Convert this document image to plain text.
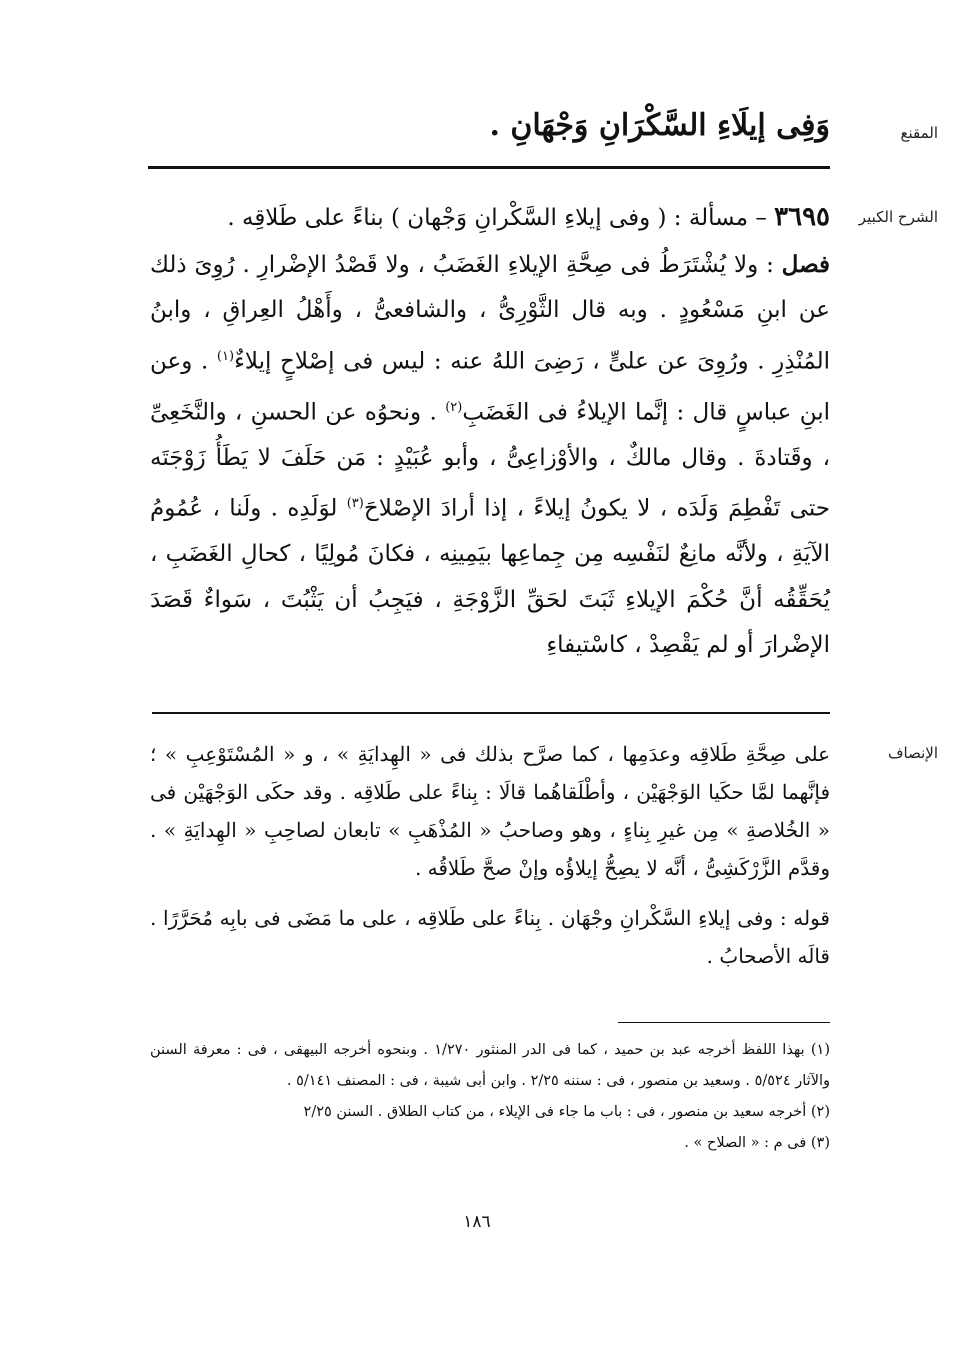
المقنع
وَفِى إيلَاءِ السَّكْرَانِ وَجْهَانِ .
الشرح الكبير

٣٦٩٥ – مسألة : ( وفى إيلاءِ السَّكْرانِ وَجْهان ) بناءً على طَلاقِه .

فصل : ولا يُشْتَرَطُ فى صِحَّةِ الإيلاءِ الغَضَبُ ، ولا قَصْدُ الإضْرارِ . رُوِىَ ذلك عن ابنِ مَسْعُودٍ . وبه قال الثَّوْرِىُّ ، والشافعىُّ ، وأَهْلُ العِراقِ ، وابنُ المُنْذِرِ . ورُوِىَ عن علىٍّ ، رَضِىَ اللهُ عنه : ليس فى إصْلاحٍ إيلاءٌ$^{(١)}$ . وعن ابنِ عباسٍ قال : إنَّما الإيلاءُ فى الغَضَبِ$^{(٢)}$ . ونحوُه عن الحسنِ ، والنَّخَعِىِّ ، وقَتادةَ . وقال مالكٌ ، والأوْزاعِىُّ ، وأبو عُبَيْدٍ : مَن حَلَفَ لا يَطَأُ زَوْجَتَه حتى تَفْطِمَ وَلَدَه ، لا يكونُ إيلاءً ، إذا أرادَ الإصْلاحَ$^{(٣)}$ لوَلَدِه . ولَنا ، عُمُومُ الآيَةِ ، ولأنَّه مانِعٌ لنَفْسِه مِن جِماعِها بيَمِينِه ، فكانَ مُولِيًا ، كحالِ الغَضَبِ ، يُحَقِّقُه أنَّ حُكْمَ الإيلاءِ ثَبَتَ لحَقِّ الزَّوْجَةِ ، فيَجِبُ أن يَثْبُتَ ، سَواءٌ قَصَدَ الإضْرارَ أو لم يَقْصِدْ ، كاسْتيفاءِ

الإنصاف

على صِحَّةِ طَلاقِه وعدَمِها ، كما صرَّح بذلك فى « الهِدايَةِ » ، و « المُسْتَوْعِبِ » ؛ فإنَّهما لمَّا حكَيا الوَجْهَيْن ، وأطْلَقاهُما قالَا : بِناءً على طَلاقِه . وقد حكَى الوَجْهَيْن فى « الخُلاصةِ » مِن غيرِ بِناءٍ ، وهو وصاحبُ « المُذْهَبِ » تابعان لصاحِبِ « الهِدايَةِ » . وقدَّم الزَّرْكَشِىُّ ، أنَّه لا يصِحُّ إيلاؤُه وإنْ صحَّ طَلاقُه .

قوله : وفى إيلاءِ السَّكْرانِ وجْهَان . بِناءً على طَلاقِه ، على ما مَضَى فى بابِه مُحَرَّرًا . قالَه الأصحابُ .

(١) بهذا اللفظ أخرجه عبد بن حميد ، كما فى الدر المنثور ١/٢٧٠ . وبنحوه أخرجه البيهقى ، فى : معرفة السنن والآثار ٥/٥٢٤ . وسعيد بن منصور ، فى : سننه ٢/٢٥ . وابن أبى شيبة ، فى : المصنف ٥/١٤١ .

(٢) أخرجه سعيد بن منصور ، فى : باب ما جاء فى الإيلاء ، من كتاب الطلاق . السنن ٢/٢٥

(٣) فى م : « الصلاح » .

١٨٦
